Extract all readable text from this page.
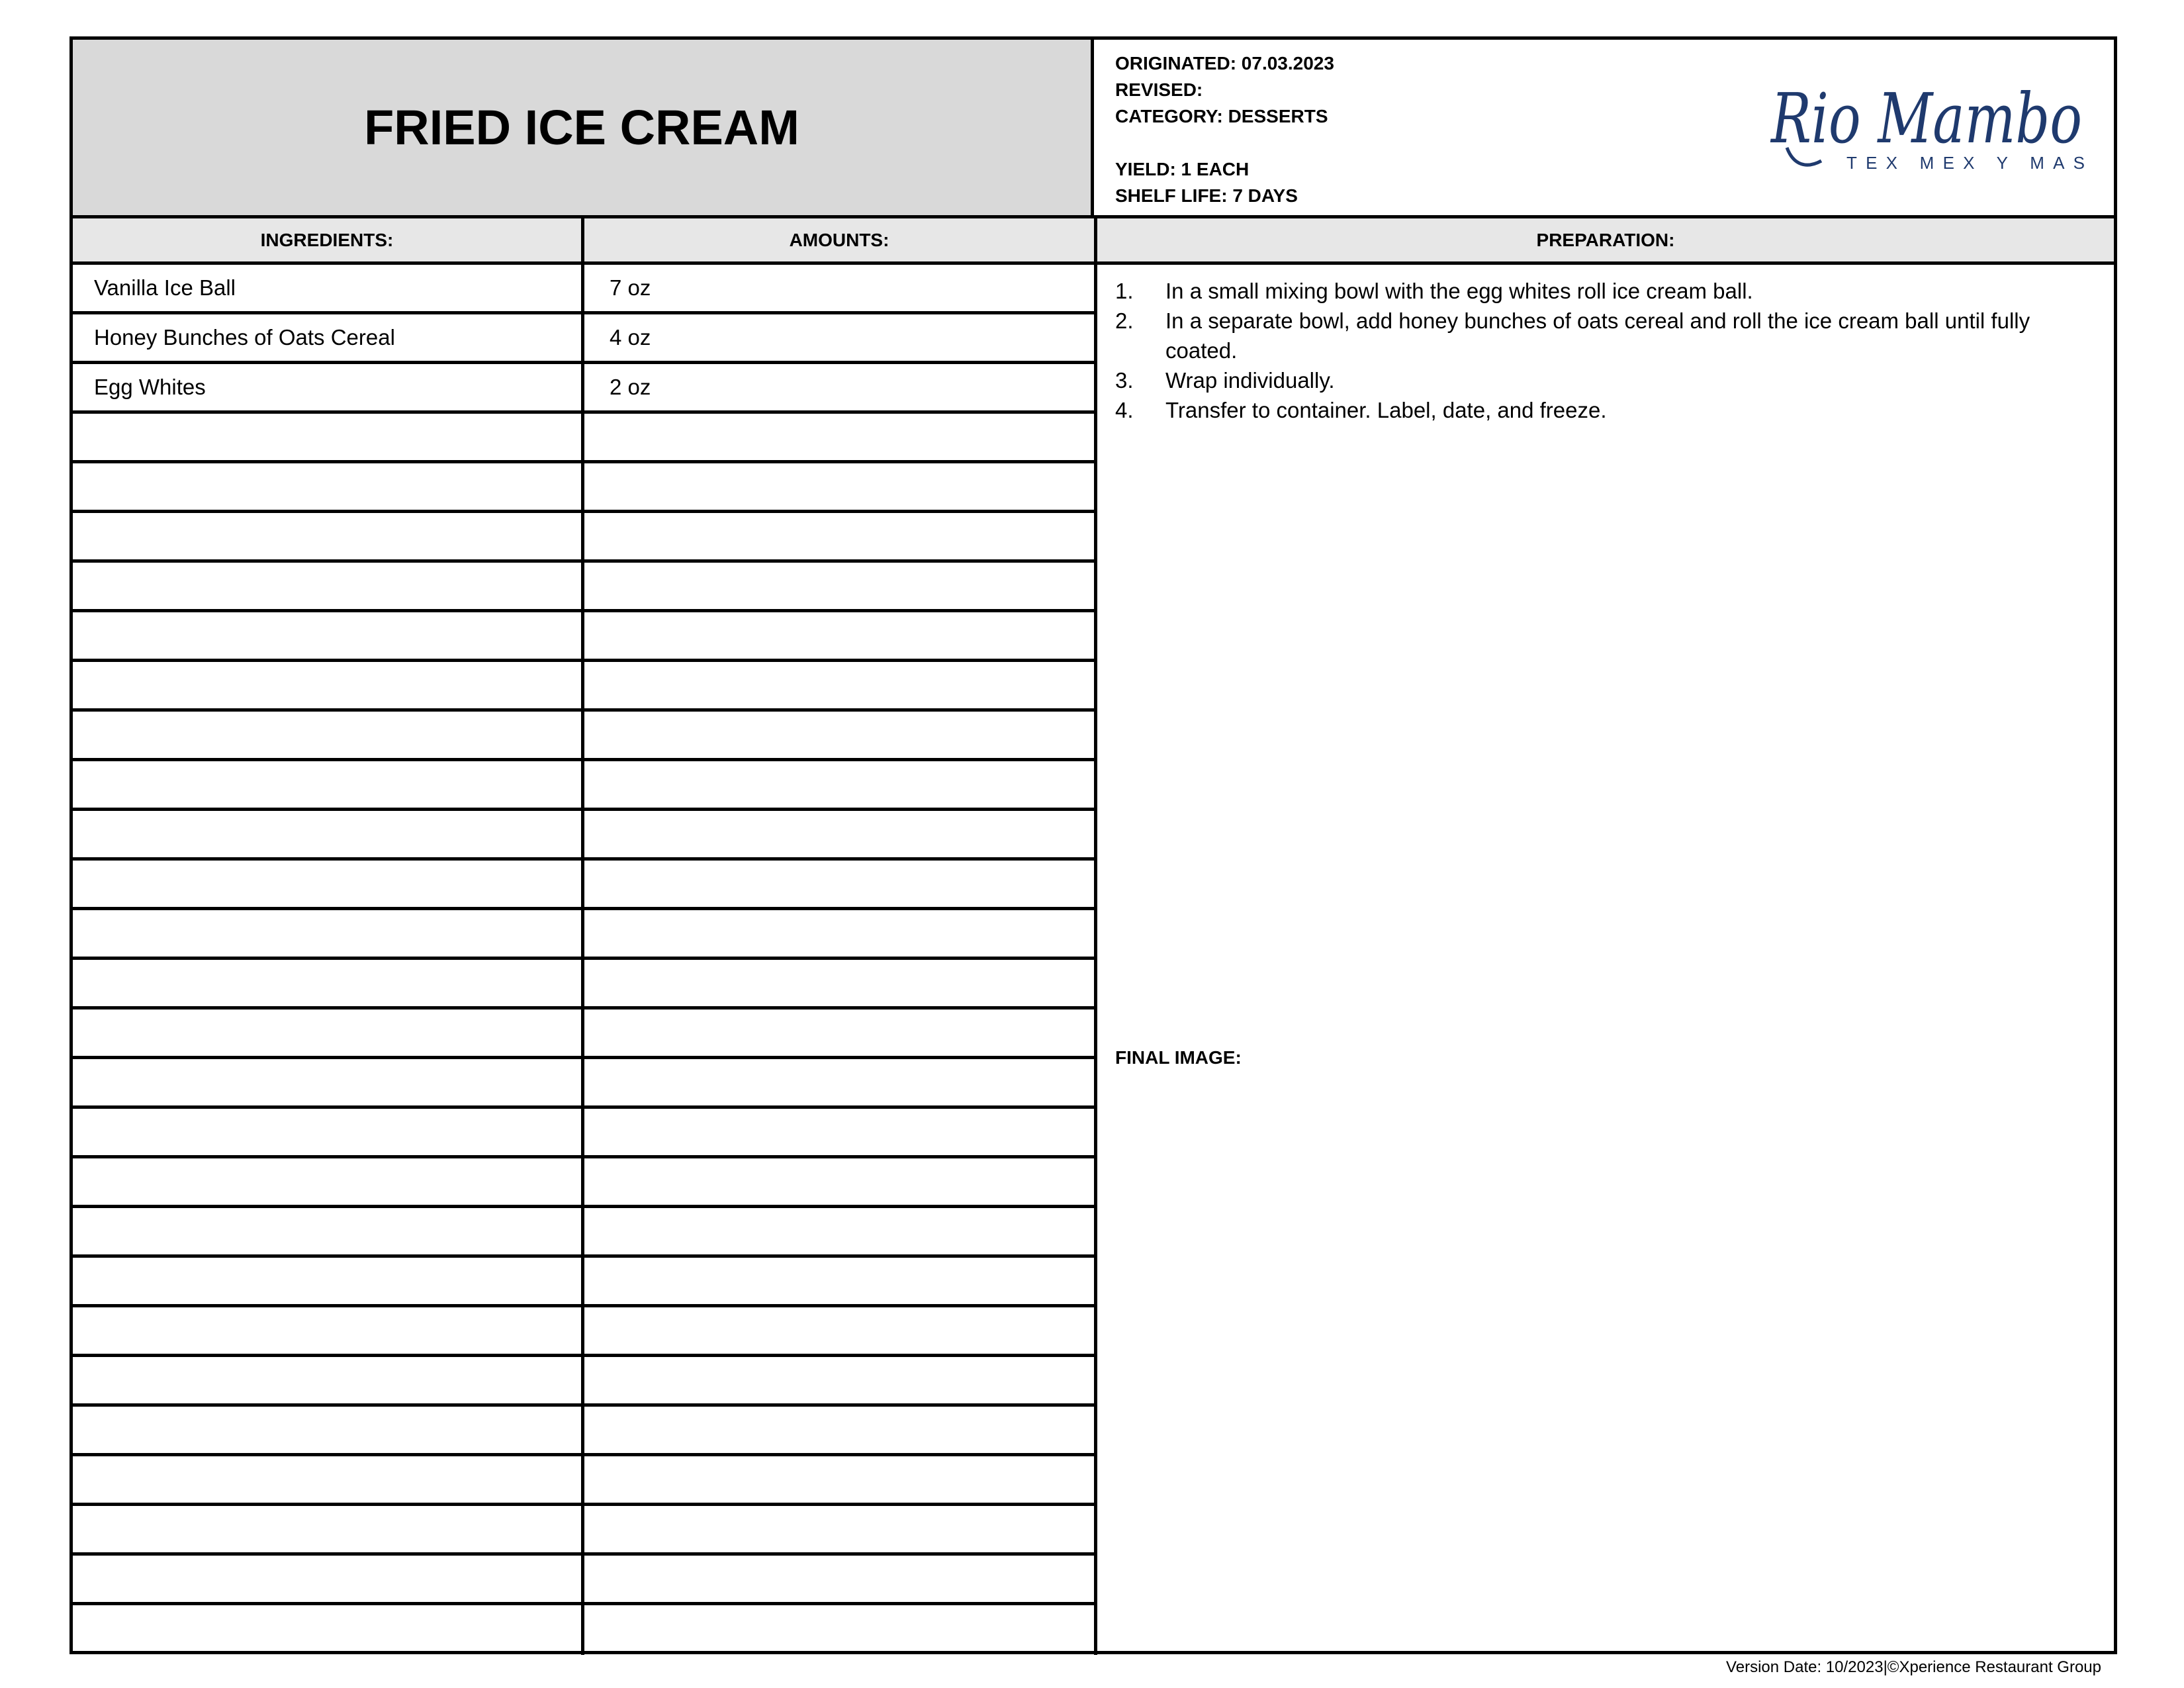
FRIED ICE CREAM
ORIGINATED: 07.03.2023
REVISED:
CATEGORY: DESSERTS
YIELD: 1 EACH
SHELF LIFE: 7 DAYS
Rio Mambo
TEX MEX Y MAS
INGREDIENTS:	AMOUNTS:	PREPARATION:
Vanilla Ice Ball	7 oz
Honey Bunches of Oats Cereal	4 oz
Egg Whites	2 oz
1.	In a small mixing bowl with the egg whites roll ice cream ball.
2.	In a separate bowl, add honey bunches of oats cereal and roll the ice cream ball until fully coated.
3.	Wrap individually.
4.	Transfer to container. Label, date, and freeze.
FINAL IMAGE:
Version Date: 10/2023|©Xperience Restaurant Group
